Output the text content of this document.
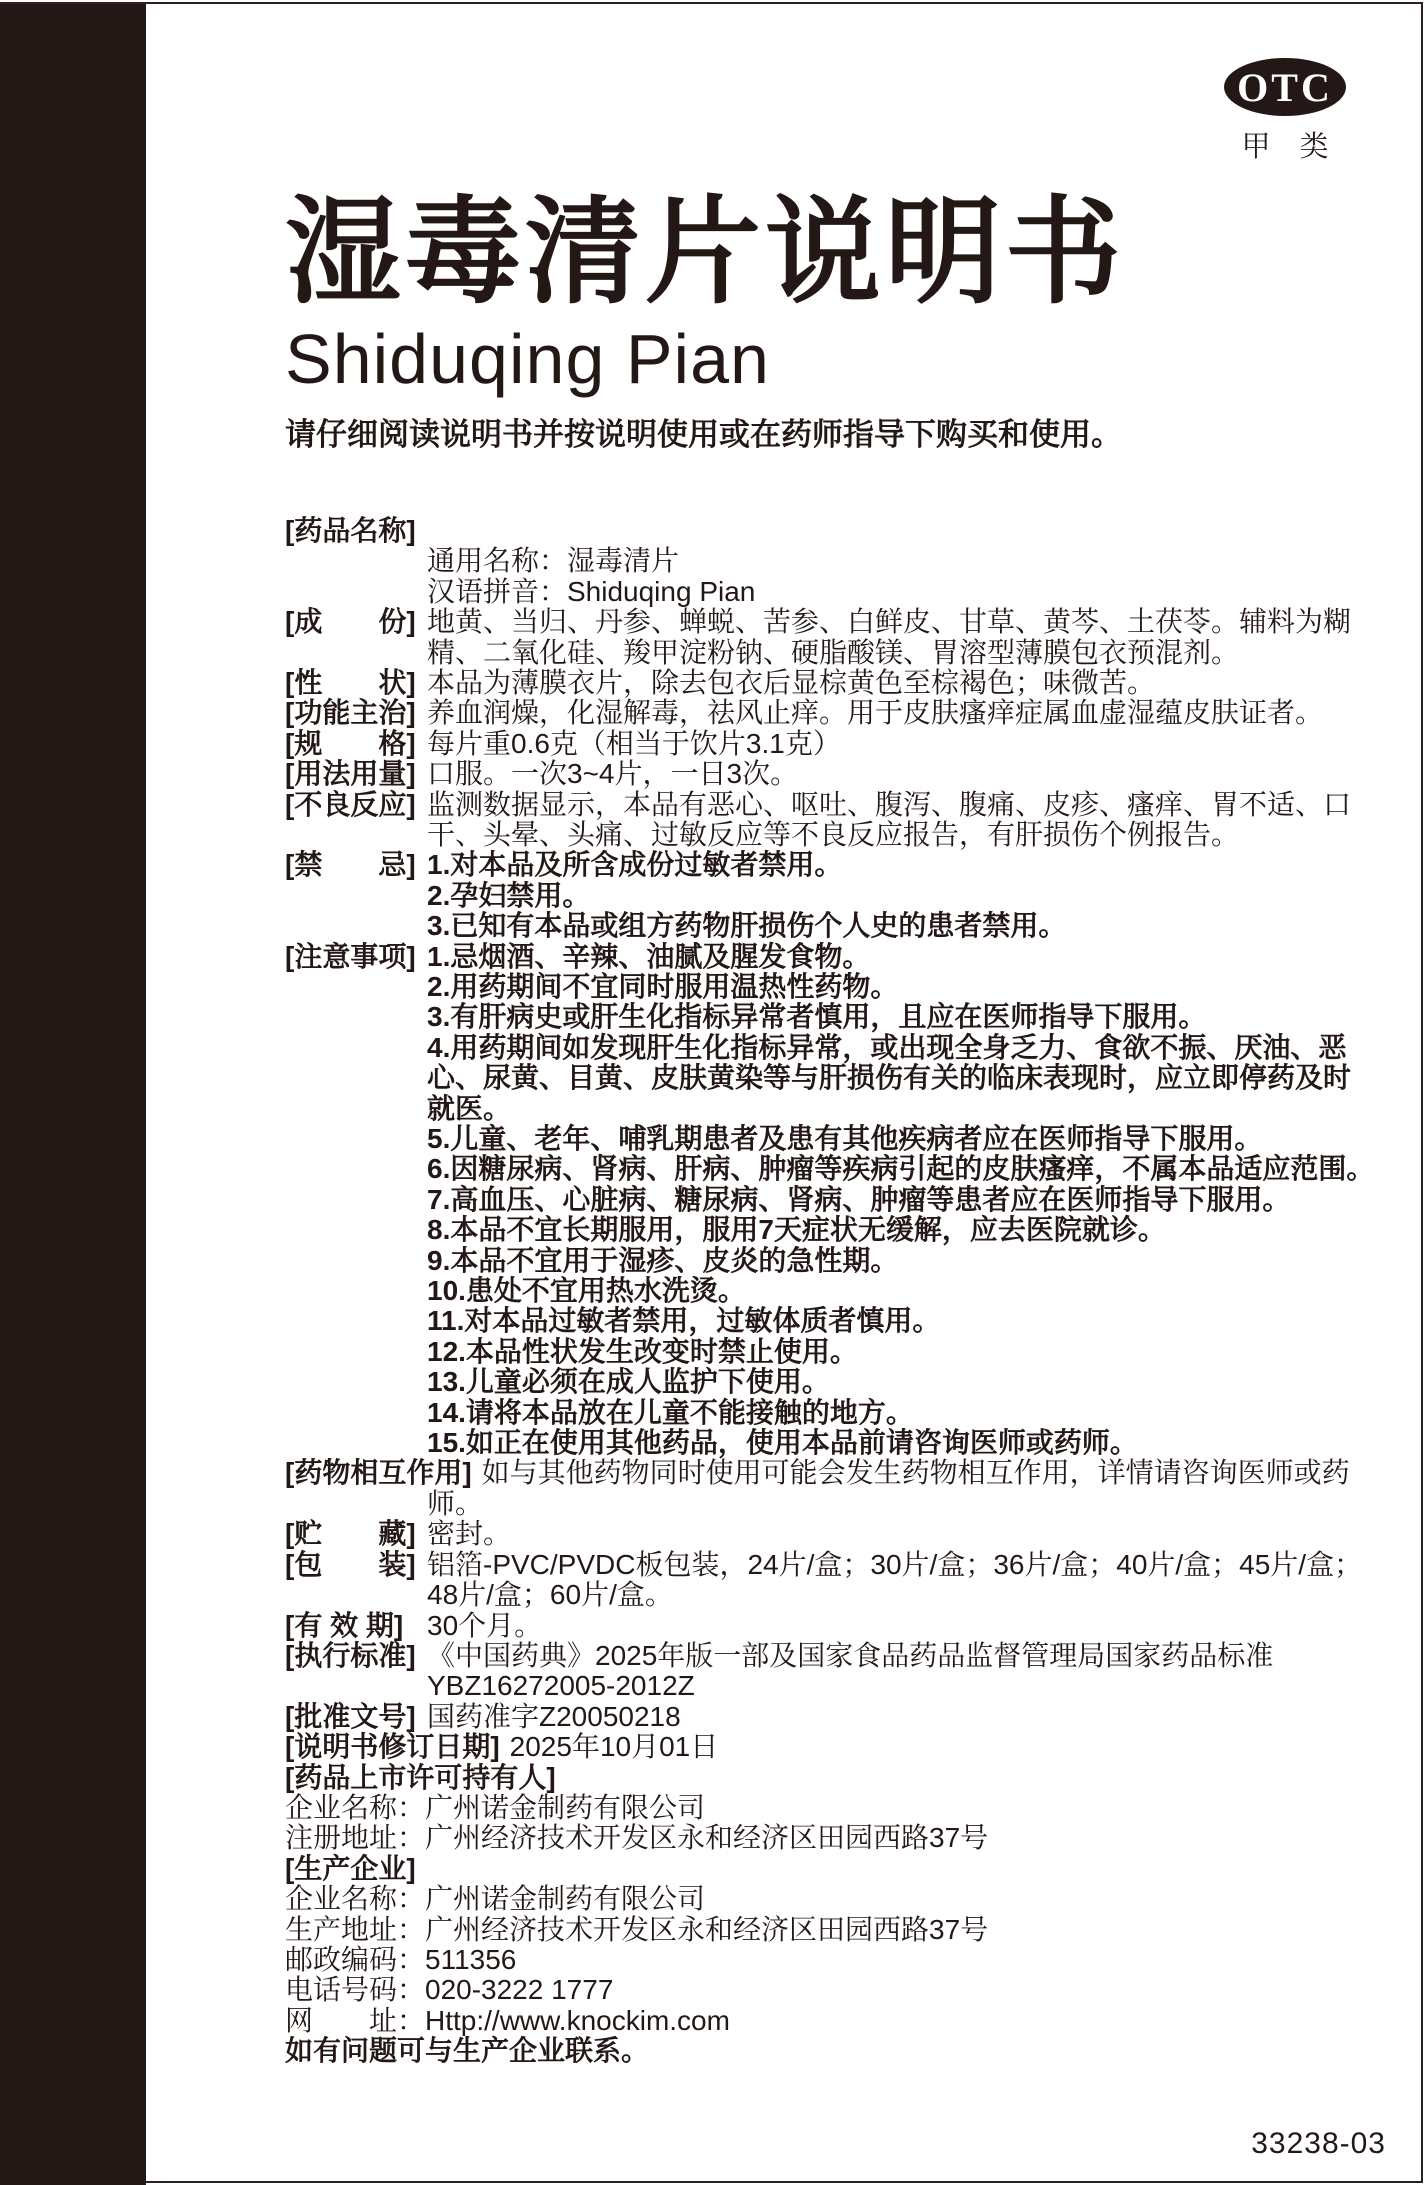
OTC
甲　类
湿毒清片说明书
Shiduqing Pian
请仔细阅读说明书并按说明使用或在药师指导下购买和使用。
[药品名称]
通用名称：湿毒清片
汉语拼音：Shiduqing Pian
[成　　份] 地黄、当归、丹参、蝉蜕、苦参、白鲜皮、甘草、黄芩、土茯苓。辅料为糊精、二氧化硅、羧甲淀粉钠、硬脂酸镁、胃溶型薄膜包衣预混剂。
[性　　状] 本品为薄膜衣片，除去包衣后显棕黄色至棕褐色；味微苦。
[功能主治] 养血润燥，化湿解毒，祛风止痒。用于皮肤瘙痒症属血虚湿蕴皮肤证者。
[规　　格] 每片重0.6克（相当于饮片3.1克）
[用法用量] 口服。一次3~4片，一日3次。
[不良反应] 监测数据显示，本品有恶心、呕吐、腹泻、腹痛、皮疹、瘙痒、胃不适、口干、头晕、头痛、过敏反应等不良反应报告，有肝损伤个例报告。
[禁　　忌] 1.对本品及所含成份过敏者禁用。
2.孕妇禁用。
3.已知有本品或组方药物肝损伤个人史的患者禁用。
[注意事项] 1.忌烟酒、辛辣、油腻及腥发食物。
2.用药期间不宜同时服用温热性药物。
3.有肝病史或肝生化指标异常者慎用，且应在医师指导下服用。
4.用药期间如发现肝生化指标异常，或出现全身乏力、食欲不振、厌油、恶心、尿黄、目黄、皮肤黄染等与肝损伤有关的临床表现时，应立即停药及时就医。
5.儿童、老年、哺乳期患者及患有其他疾病者应在医师指导下服用。
6.因糖尿病、肾病、肝病、肿瘤等疾病引起的皮肤瘙痒，不属本品适应范围。
7.高血压、心脏病、糖尿病、肾病、肿瘤等患者应在医师指导下服用。
8.本品不宜长期服用，服用7天症状无缓解，应去医院就诊。
9.本品不宜用于湿疹、皮炎的急性期。
10.患处不宜用热水洗烫。
11.对本品过敏者禁用，过敏体质者慎用。
12.本品性状发生改变时禁止使用。
13.儿童必须在成人监护下使用。
14.请将本品放在儿童不能接触的地方。
15.如正在使用其他药品，使用本品前请咨询医师或药师。
[药物相互作用] 如与其他药物同时使用可能会发生药物相互作用，详情请咨询医师或药师。
[贮　　藏] 密封。
[包　　装] 铝箔-PVC/PVDC板包装，24片/盒；30片/盒；36片/盒；40片/盒；45片/盒；48片/盒；60片/盒。
[有 效 期] 30个月。
[执行标准] 《中国药典》2025年版一部及国家食品药品监督管理局国家药品标准YBZ16272005-2012Z
[批准文号] 国药准字Z20050218
[说明书修订日期] 2025年10月01日
[药品上市许可持有人]
企业名称：广州诺金制药有限公司
注册地址：广州经济技术开发区永和经济区田园西路37号
[生产企业]
企业名称：广州诺金制药有限公司
生产地址：广州经济技术开发区永和经济区田园西路37号
邮政编码：511356
电话号码：020-3222 1777
网　　址：Http://www.knockim.com
如有问题可与生产企业联系。
33238-03
